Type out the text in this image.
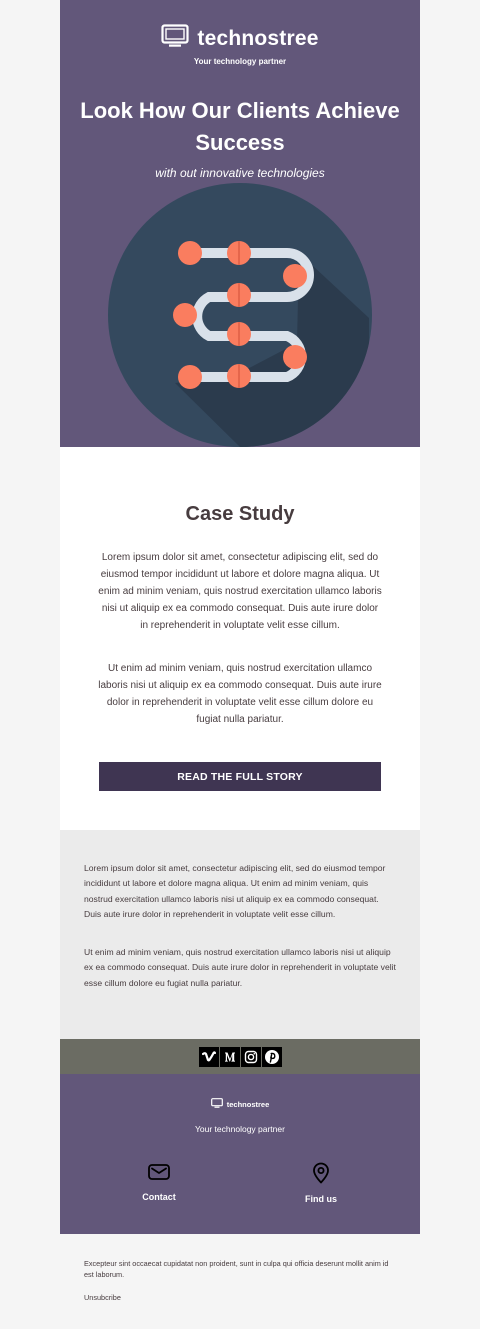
technostree
Your technology partner
Look How Our Clients Achieve Success
with out innovative technologies
Case Study

Lorem ipsum dolor sit amet, consectetur adipiscing elit, sed do eiusmod tempor incididunt ut labore et dolore magna aliqua. Ut enim ad minim veniam, quis nostrud exercitation ullamco laboris nisi ut aliquip ex ea commodo consequat. Duis aute irure dolor in reprehenderit in voluptate velit esse cillum.

Ut enim ad minim veniam, quis nostrud exercitation ullamco laboris nisi ut aliquip ex ea commodo consequat. Duis aute irure dolor in reprehenderit in voluptate velit esse cillum dolore eu fugiat nulla pariatur.

READ THE FULL STORY

Lorem ipsum dolor sit amet, consectetur adipiscing elit, sed do eiusmod tempor incididunt ut labore et dolore magna aliqua. Ut enim ad minim veniam, quis nostrud exercitation ullamco laboris nisi ut aliquip ex ea commodo consequat. Duis aute irure dolor in reprehenderit in voluptate velit esse cillum.

Ut enim ad minim veniam, quis nostrud exercitation ullamco laboris nisi ut aliquip ex ea commodo consequat. Duis aute irure dolor in reprehenderit in voluptate velit esse cillum dolore eu fugiat nulla pariatur.

technostree
Your technology partner
Contact	Find us
Excepteur sint occaecat cupidatat non proident, sunt in culpa qui officia deserunt mollit anim id est laborum.
Unsubcribe
